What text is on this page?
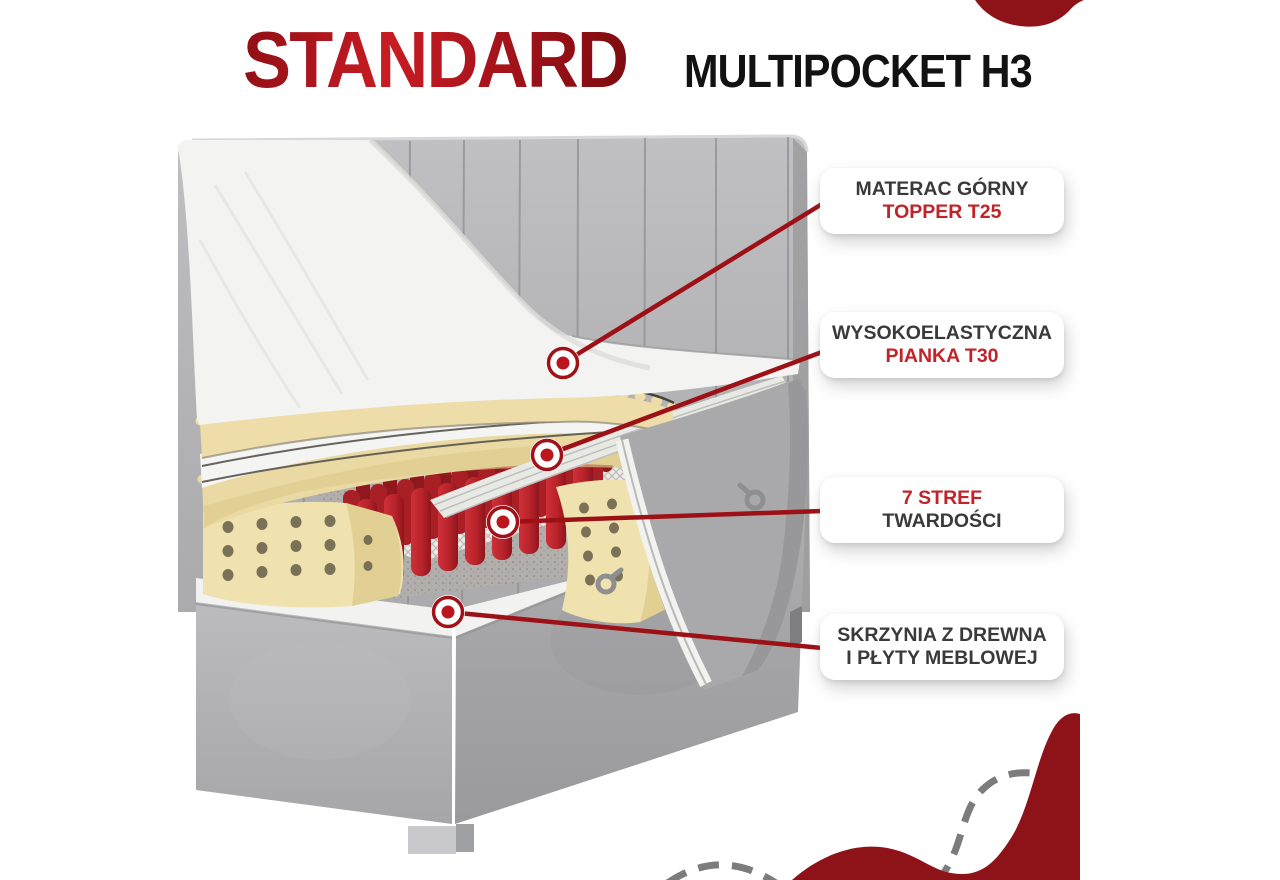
STANDARD MULTIPOCKET H3
MATERAC GÓRNY
TOPPER T25
WYSOKOELASTYCZNA
PIANKA T30
7 STREF
TWARDOŚCI
SKRZYNIA Z DREWNA
I PŁYTY MEBLOWEJ
